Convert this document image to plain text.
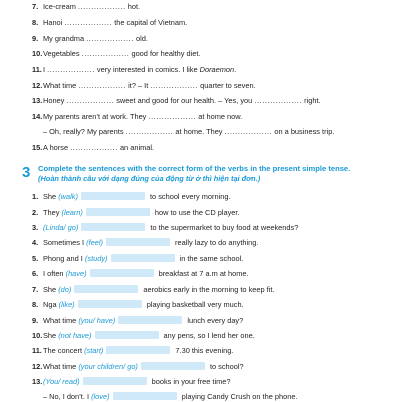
7. Ice-cream .................. hot.
8. Hanoi .................. the capital of Vietnam.
9. My grandma .................. old.
10.Vegetables .................. good for healthy diet.
11.I .................. very interested in comics. I like Doraemon.
12.What time .................. it? – It .................. quarter to seven.
13.Honey .................. sweet and good for our health. – Yes, you .................. right.
14.My parents aren’t at work. They .................. at home now.
– Oh, really? My parents .................. at home. They .................. on a business trip.
15.A horse .................. an animal.
3 Complete the sentences with the correct form of the verbs in the present simple tense.
(Hoàn thành câu với dạng đúng của động từ ở thì hiện tại đơn.)
1. She (walk)	to school every morning.
2. They (learn)	how to use the CD player.
3. (Linda/ go)	to the supermarket to buy food at weekends?
4. Sometimes I (feel)	really lazy to do anything.
5. Phong and I (study)	in the same school.
6. I often (have)	breakfast at 7 a.m at home.
7. She (do)	aerobics early in the morning to keep fit.
8. Nga (like)	playing basketball very much.
9. What time (you/ have)	lunch every day?
10.She (not have)	any pens, so I lend her one.
11.The concert (start)	7.30 this evening.
12.What time (your children/ go)	to school?
13.(You/ read)	books in your free time?
– No, I don’t. I (love)	playing Candy Crush on the phone.
